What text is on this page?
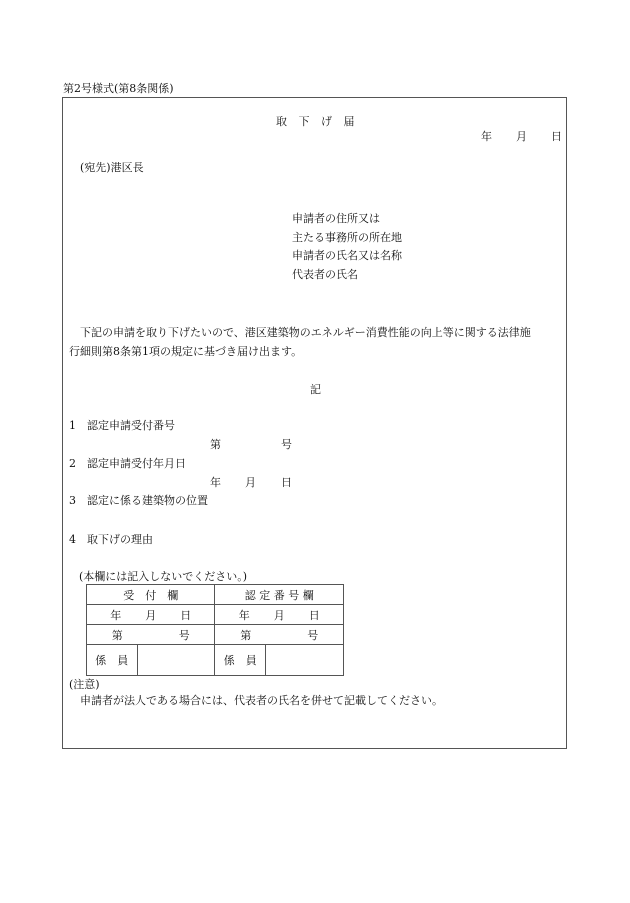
第2号様式(第8条関係)
取 下 げ 届
年 月 日
(宛先)港区長
申請者の住所又は
主たる事務所の所在地
申請者の氏名又は名称
代表者の氏名
下記の申請を取り下げたいので、港区建築物のエネルギー消費性能の向上等に関する法律施
行細則第8条第1項の規定に基づき届け出ます。
記
1　認定申請受付番号
第	号
2　認定申請受付年月日
年 月 日
3　認定に係る建築物の位置
4　取下げの理由
(本欄には記入しないでください。)
受　付　欄		認 定 番 号 欄	
年 月 日		年 月 日	
第 号		第 号	
係　員		係　員	
(注意)
申請者が法人である場合には、代表者の氏名を併せて記載してください。
